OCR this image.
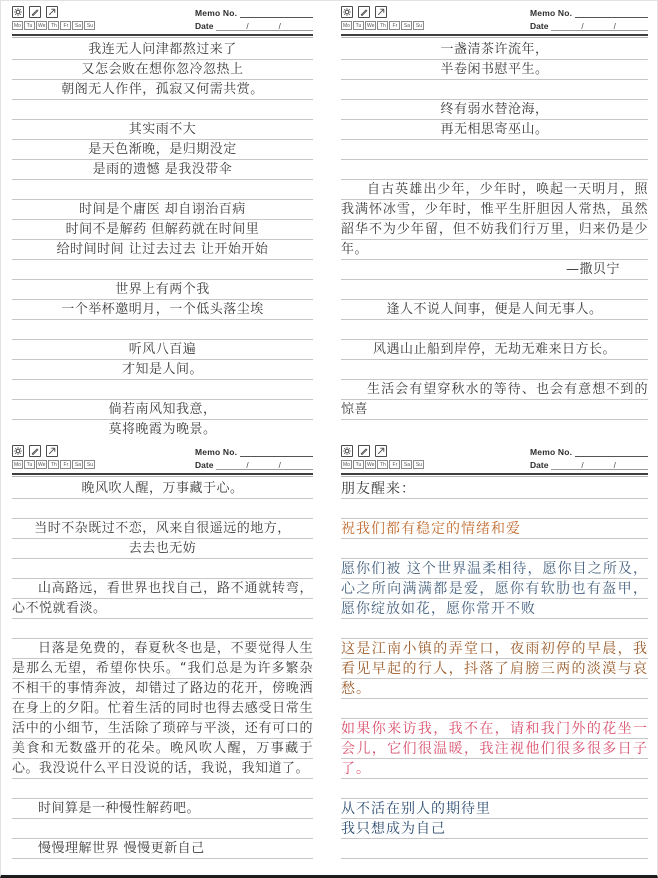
Mo	Tu	We	Th	Fr	Sa	Su
Memo No.
Date	/	/
我连无人问津都熬过来了
又怎会败在想你忽冷忽热上
朝阁无人作伴，孤寂又何需共赏。
其实雨不大
是天色渐晚，是归期没定
是雨的遗憾 是我没带伞
时间是个庸医 却自诩治百病
时间不是解药 但解药就在时间里
给时间时间 让过去过去 让开始开始
世界上有两个我
一个举杯邀明月，一个低头落尘埃
听风八百遍
才知是人间。
倘若南风知我意，
莫将晚霞为晚景。
Mo	Tu	We	Th	Fr	Sa	Su
Memo No.
Date	/	/
一盏清茶许流年，
半卷闲书慰平生。
终有弱水替沧海，
再无相思寄巫山。
自古英雄出少年，少年时，唤起一天明月，照我满怀冰雪，少年时，惟平生肝胆因人常热，虽然韶华不为少年留，但不妨我们行万里，归来仍是少年。
—撒贝宁
逢人不说人间事，便是人间无事人。
风遇山止船到岸停，无劫无难来日方长。
生活会有望穿秋水的等待、也会有意想不到的惊喜
Mo	Tu	We	Th	Fr	Sa	Su
Memo No.
Date	/	/
晚风吹人醒，万事藏于心。
当时不杂既过不恋，风来自很遥远的地方，
去去也无妨
山高路远，看世界也找自己，路不通就转弯，心不悦就看淡。
日落是免费的，春夏秋冬也是，不要觉得人生是那么无望，希望你快乐。“我们总是为许多繁杂不相干的事情奔波，却错过了路边的花开，傍晚洒在身上的夕阳。忙着生活的同时也得去感受日常生活中的小细节，生活除了琐碎与平淡，还有可口的美食和无数盛开的花朵。晚风吹人醒，万事藏于心。我没说什么平日没说的话，我说，我知道了。
时间算是一种慢性解药吧。
慢慢理解世界 慢慢更新自己
Mo	Tu	We	Th	Fr	Sa	Su
Memo No.
Date	/	/
朋友醒来：
祝我们都有稳定的情绪和爱
愿你们被 这个世界温柔相待，愿你目之所及，心之所向满满都是爱，愿你有软肋也有盔甲，愿你绽放如花，愿你常开不败
这是江南小镇的弄堂口，夜雨初停的早晨，我看见早起的行人，抖落了肩膀三两的淡漠与哀愁。
如果你来访我，我不在，请和我门外的花坐一会儿，它们很温暖，我注视他们很多很多日子了。
从不活在别人的期待里
我只想成为自己
